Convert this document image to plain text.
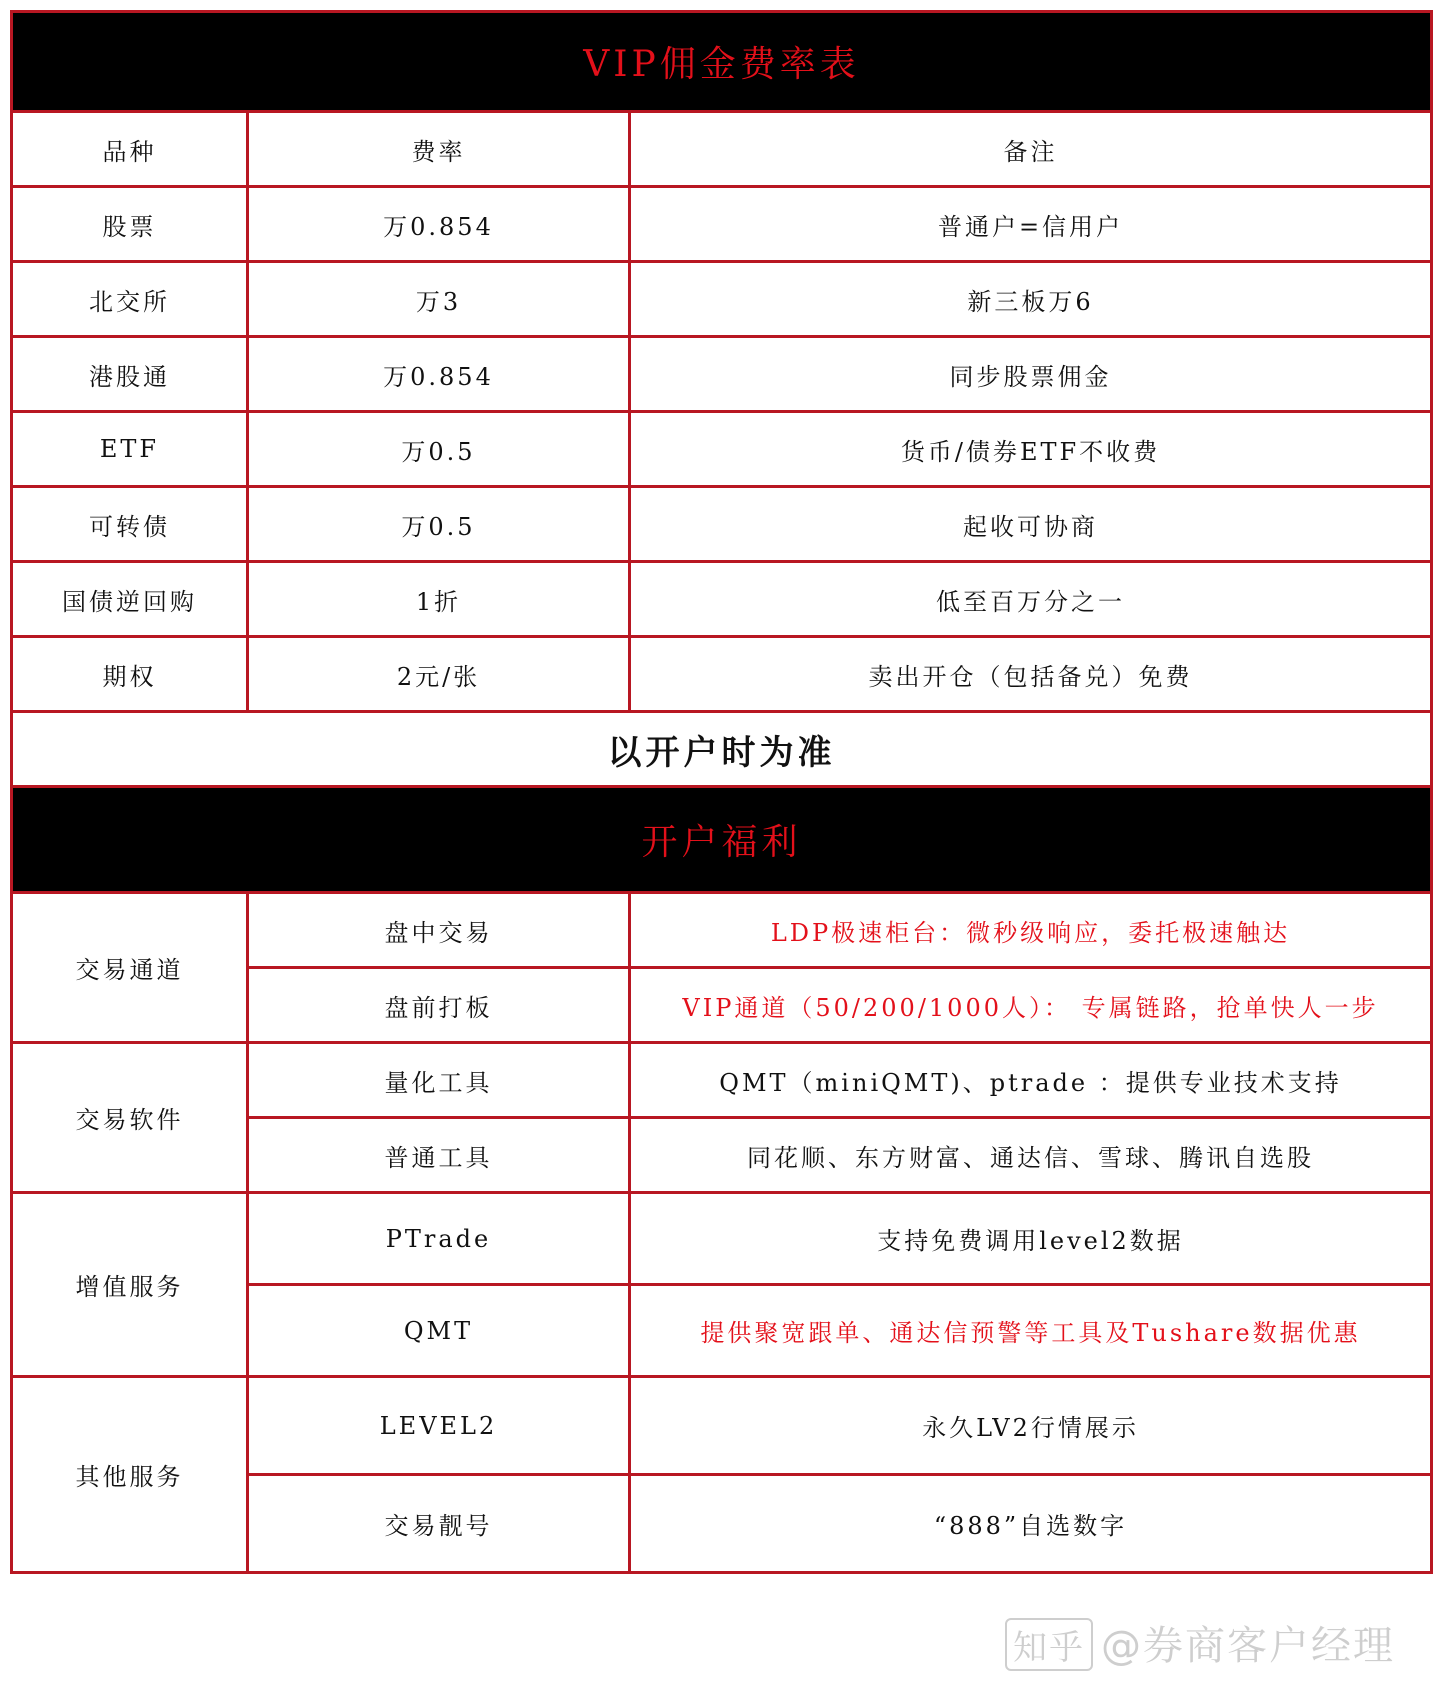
VIP佣金费率表		
品种	费率	备注
股票	万0.854	普通户=信用户
北交所	万3	新三板万6
港股通	万0.854	同步股票佣金
ETF	万0.5	货币/债券ETF不收费
可转债	万0.5	起收可协商
国债逆回购	1折	低至百万分之一
期权	2元/张	卖出开仓（包括备兑）免费
以开户时为准		
开户福利		
交易通道	盘中交易	LDP极速柜台：微秒级响应，委托极速触达
	盘前打板	VIP通道（50/200/1000人）： 专属链路，抢单快人一步
交易软件	量化工具	QMT（miniQMT)、ptrade ：提供专业技术支持
	普通工具	同花顺、东方财富、通达信、雪球、腾讯自选股
增值服务	PTrade	支持免费调用level2数据
	QMT	提供聚宽跟单、通达信预警等工具及Tushare数据优惠
其他服务	LEVEL2	永久LV2行情展示
	交易靓号	“888”自选数字
知乎 @券商客户经理
